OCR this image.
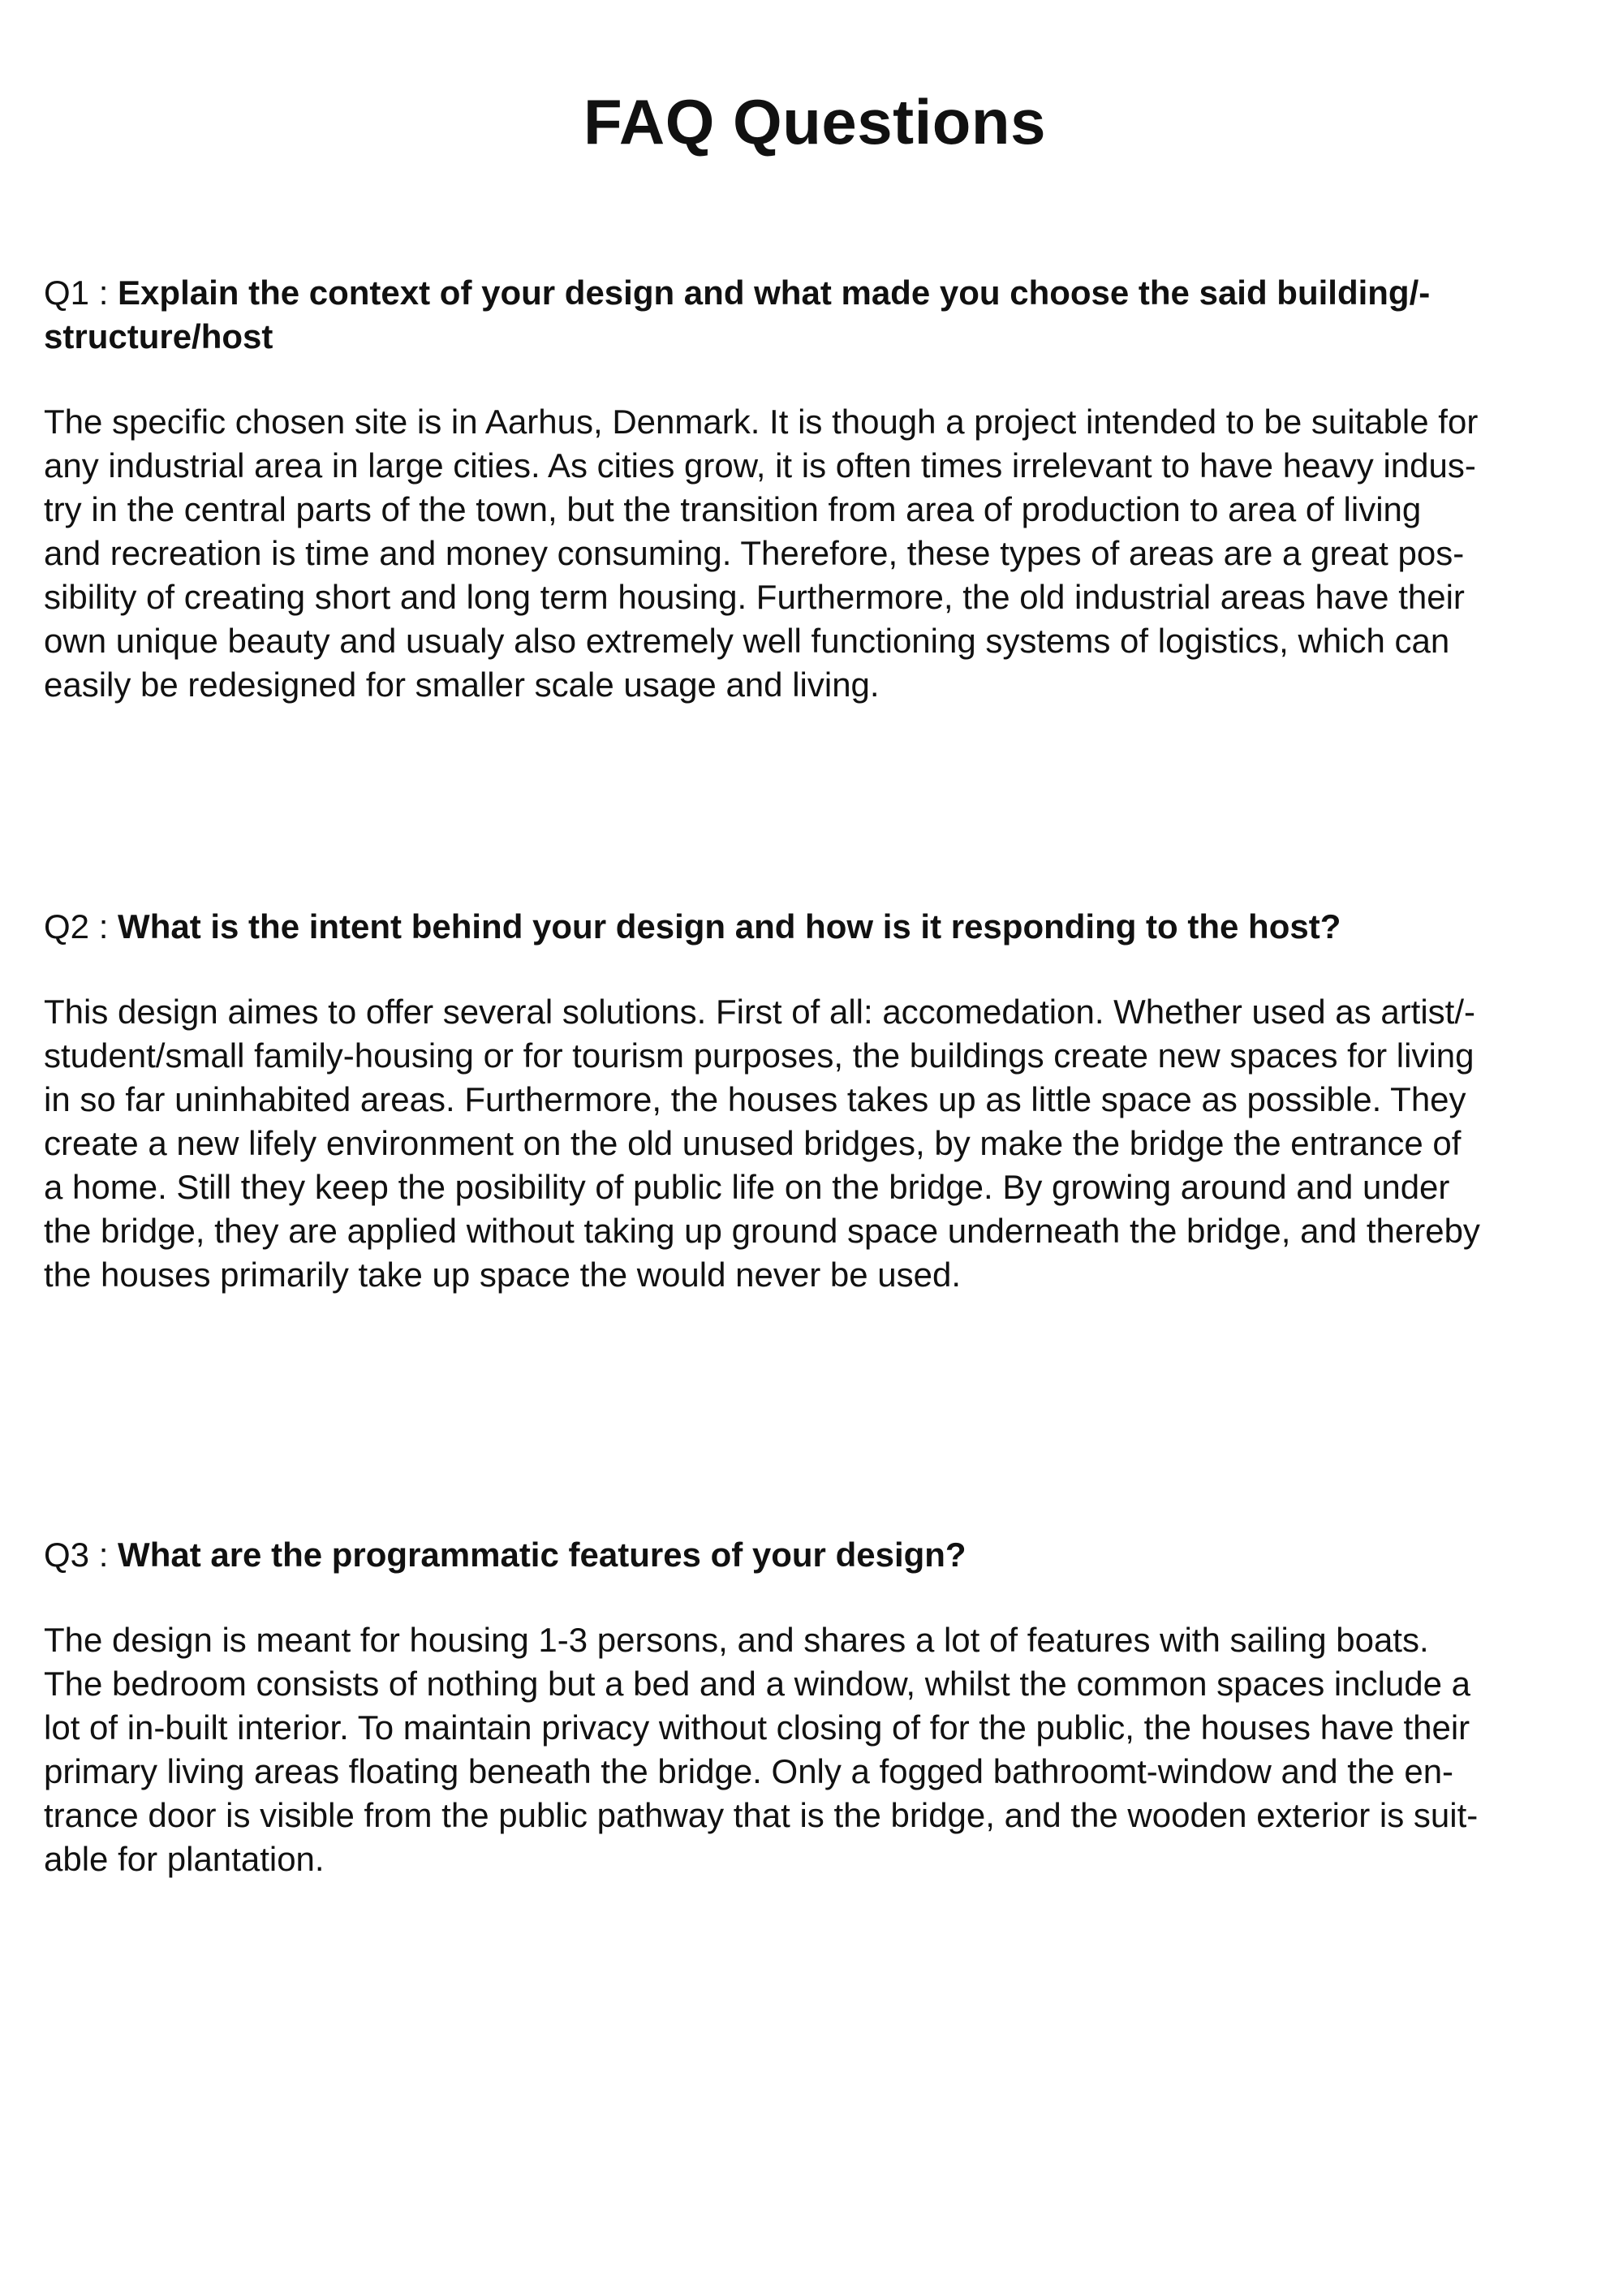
FAQ Questions

Q1 : Explain the context of your design and what made you choose the said building/-
structure/host

The specific chosen site is in Aarhus, Denmark. It is though a project intended to be suitable for
any industrial area in large cities. As cities grow, it is often times irrelevant to have heavy indus-
try in the central parts of the town, but the transition from area of production to area of living
and recreation is time and money consuming. Therefore, these types of areas are a great pos-
sibility of creating short and long term housing. Furthermore, the old industrial areas have their
own unique beauty and usualy also extremely well functioning systems of logistics, which can
easily be redesigned for smaller scale usage and living.

Q2 : What is the intent behind your design and how is it responding to the host?

This design aimes to offer several solutions. First of all: accomedation. Whether used as artist/-
student/small family-housing or for tourism purposes, the buildings create new spaces for living
in so far uninhabited areas. Furthermore, the houses takes up as little space as possible. They
create a new lifely environment on the old unused bridges, by make the bridge the entrance of
a home. Still they keep the posibility of public life on the bridge. By growing around and under
the bridge, they are applied without taking up ground space underneath the bridge, and thereby
the houses primarily take up space the would never be used.

Q3 : What are the programmatic features of your design?

The design is meant for housing 1-3 persons, and shares a lot of features with sailing boats.
The bedroom consists of nothing but a bed and a window, whilst the common spaces include a
lot of in-built interior. To maintain privacy without closing of for the public, the houses have their
primary living areas floating beneath the bridge. Only a fogged bathroomt-window and the en-
trance door is visible from the public pathway that is the bridge, and the wooden exterior is suit-
able for plantation.
